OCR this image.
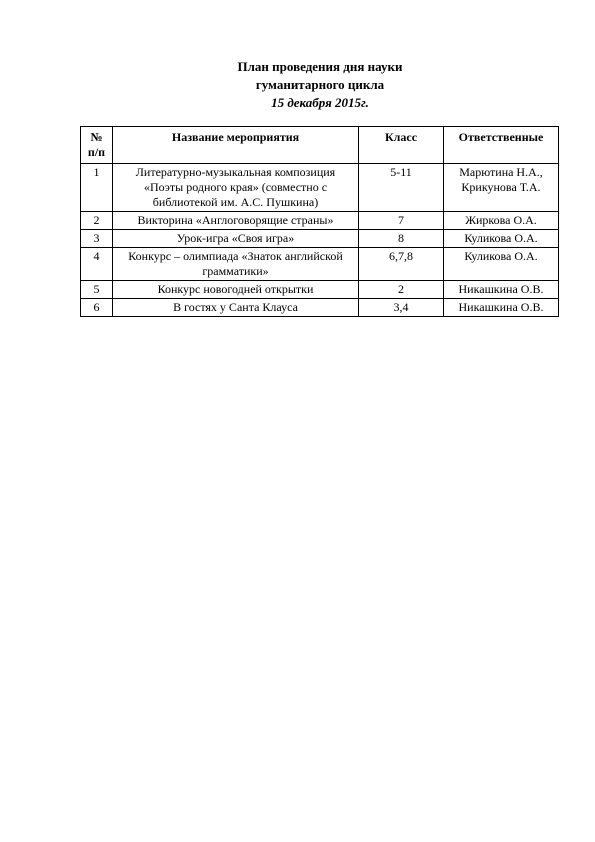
План проведения дня науки
гуманитарного цикла
15 декабря 2015г.
№ п/п	Название мероприятия	Класс	Ответственные
1	Литературно-музыкальная композиция «Поэты родного края» (совместно с библиотекой им. А.С. Пушкина)	5-11	Марютина Н.А., Крикунова Т.А.
2	Викторина «Англоговорящие страны»	7	Жиркова О.А.
3	Урок-игра «Своя игра»	8	Куликова О.А.
4	Конкурс – олимпиада «Знаток английской грамматики»	6,7,8	Куликова О.А.
5	Конкурс новогодней открытки	2	Никашкина О.В.
6	В гостях у Санта Клауса	3,4	Никашкина О.В.
